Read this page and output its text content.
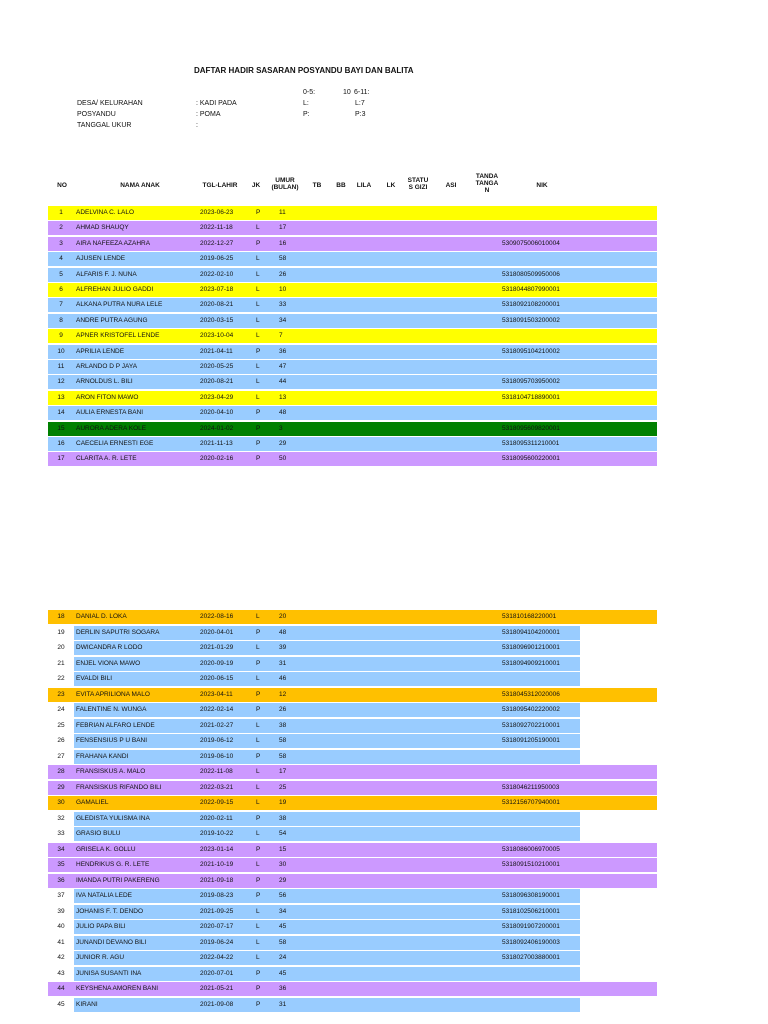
DAFTAR HADIR SASARAN POSYANDU BAYI DAN BALITA
DESA/ KELURAHAN	: KADI PADA
POSYANDU	: POMA
TANGGAL UKUR	:
0-5:	10 6-11:
L:	L:7
P:	P:3
NO	NAMA ANAK	TGL-LAHIR	JK
UMUR
(BULAN)	TB BB LILA LK
STATU
S GIZI	ASI
TANDA
TANGA
N
NIK
1	ADELVINA C. LALO	2023-06-23	P	11
2	AHMAD SHAUQY	2022-11-18	L	17
3	AIRA NAFEEZA AZAHRA	2022-12-27	P	16	5309075006010004
4	AJUSEN LENDE	2019-06-25	L	58
5	ALFARIS F. J. NUNA	2022-02-10	L	26	5318080509950006
6	ALFREHAN JULIO GADDI	2023-07-18	L	10	5318044807990001
7	ALKANA PUTRA NURA LELE	2020-08-21	L	33	5318092108200001
8	ANDRE PUTRA AGUNG	2020-03-15	L	34	5318091503200002
9	APNER KRISTOFEL LENDE	2023-10-04	L	7
10	APRILIA LENDE	2021-04-11	P	36	5318095104210002
11	ARLANDO D P JAYA	2020-05-25	L	47
12	ARNOLDUS L. BILI	2020-08-21	L	44	5318095703950002
13	ARON FITON MAWO	2023-04-29	L	13	5318104718890001
14	AULIA ERNESTA BANI	2020-04-10	P	48
15	AURORA ADERA KOLE	2024-01-02	P	3	5318095609820001
16	CAECELIA ERNESTI EGE	2021-11-13	P	29	5318095311210001
17	CLARITA A. R. LETE	2020-02-16	P	50	5318095600220001
18	DANIAL D. LOKA	2022-08-16	L	20	531810168220001
19	DERLIN SAPUTRI SOGARA	2020-04-01	P	48	5318094104200001
20	DWICANDRA R LODO	2021-01-29	L	39	5318096901210001
21	ENJEL VIONA MAWO	2020-09-19	P	31	5318094909210001
22	EVALDI BILI	2020-06-15	L	46
23	EVITA APRILIONA MALO	2023-04-11	P	12	5318045312020006
24	FALENTINE N. WUNGA	2022-02-14	P	26	5318095402220002
25	FEBRIAN ALFARO LENDE	2021-02-27	L	38	5318092702210001
26	FENSENSIUS P U BANI	2019-06-12	L	58	5318091205190001
27	FRAHANA KANDI	2019-06-10	P	58
28	FRANSISKUS A. MALO	2022-11-08	L	17
29	FRANSISKUS RIFANDO BILI	2022-03-21	L	25	5318046211950003
30	GAMALIEL	2022-09-15	L	19	5312156707940001
32	GLEDISTA YULISMA INA	2020-02-11	P	38
33	GRASIO BULU	2019-10-22	L	54
34	GRISELA K. GOLLU	2023-01-14	P	15	5318086006970005
35	HENDRIKUS G. R. LETE	2021-10-19	L	30	5318091510210001
36	IMANDA PUTRI PAKERENG	2021-09-18	P	29
37	IVA NATALIA LEDE	2019-08-23	P	56	5318096308190001
39	JOHANIS F. T. DENDO	2021-09-25	L	34	5318102506210001
40	JULIO PAPA BILI	2020-07-17	L	45	5318091907200001
41	JUNANDI DEVANO BILI	2019-06-24	L	58	5318092406190003
42	JUNIOR R. AGU	2022-04-22	L	24	5318027003880001
43	JUNISA SUSANTI INA	2020-07-01	P	45
44	KEYSHENA AMOREN BANI	2021-05-21	P	36
45	KIRANI	2021-09-08	P	31
